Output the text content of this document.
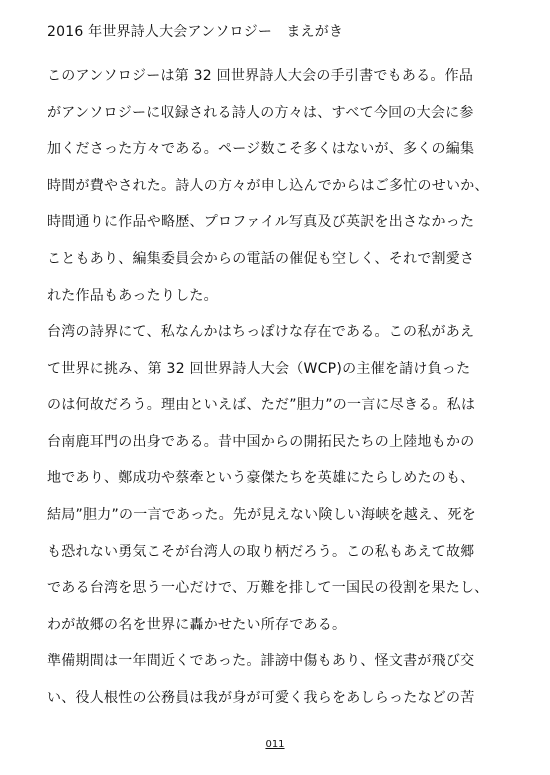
2016 年世界詩人大会アンソロジー　まえがき
このアンソロジーは第 32 回世界詩人大会の手引書でもある。作品
がアンソロジーに収録される詩人の方々は、すべて今回の大会に参
加くださった方々である。ページ数こそ多くはないが、多くの編集
時間が費やされた。詩人の方々が申し込んでからはご多忙のせいか、
時間通りに作品や略歴、プロファイル写真及び英訳を出さなかった
こともあり、編集委員会からの電話の催促も空しく、それで割愛さ
れた作品もあったりした。
台湾の詩界にて、私なんかはちっぽけな存在である。この私があえ
て世界に挑み、第 32 回世界詩人大会（WCP)の主催を請け負った
のは何故だろう。理由といえば、ただ”胆力”の一言に尽きる。私は
台南鹿耳門の出身である。昔中国からの開拓民たちの上陸地もかの
地であり、鄭成功や蔡牽という豪傑たちを英雄にたらしめたのも、
結局”胆力”の一言であった。先が見えない険しい海峡を越え、死を
も恐れない勇気こそが台湾人の取り柄だろう。この私もあえて故郷
である台湾を思う一心だけで、万難を排して一国民の役割を果たし、
わが故郷の名を世界に轟かせたい所存である。
準備期間は一年間近くであった。誹謗中傷もあり、怪文書が飛び交
い、役人根性の公務員は我が身が可愛く我らをあしらったなどの苦
011
